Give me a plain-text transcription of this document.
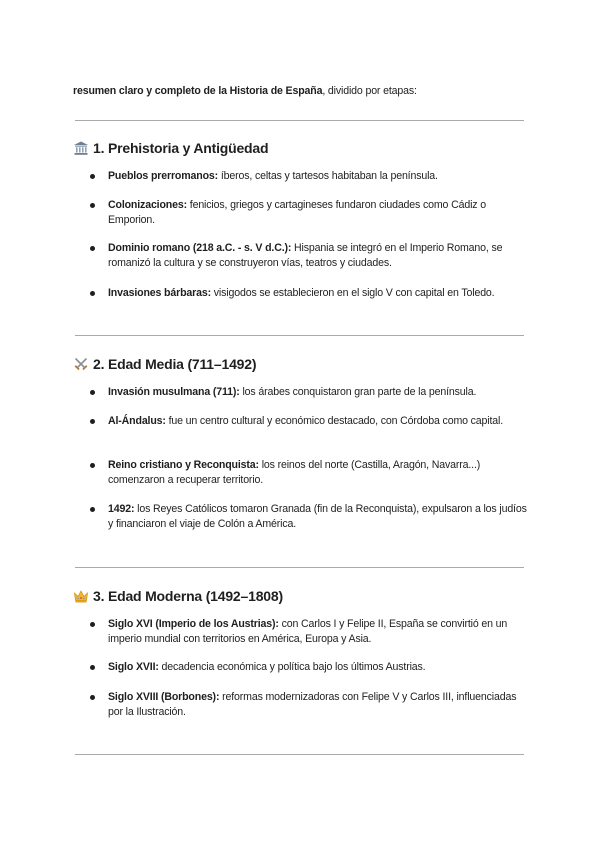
resumen claro y completo de la Historia de España, dividido por etapas:
1. Prehistoria y Antigüedad
Pueblos prerromanos: íberos, celtas y tartesos habitaban la península.
Colonizaciones: fenicios, griegos y cartagineses fundaron ciudades como Cádiz o Emporion.
Dominio romano (218 a.C. - s. V d.C.): Hispania se integró en el Imperio Romano, se romanizó la cultura y se construyeron vías, teatros y ciudades.
Invasiones bárbaras: visigodos se establecieron en el siglo V con capital en Toledo.
2. Edad Media (711–1492)
Invasión musulmana (711): los árabes conquistaron gran parte de la península.
Al-Ándalus: fue un centro cultural y económico destacado, con Córdoba como capital.
Reino cristiano y Reconquista: los reinos del norte (Castilla, Aragón, Navarra...) comenzaron a recuperar territorio.
1492: los Reyes Católicos tomaron Granada (fin de la Reconquista), expulsaron a los judíos y financiaron el viaje de Colón a América.
3. Edad Moderna (1492–1808)
Siglo XVI (Imperio de los Austrias): con Carlos I y Felipe II, España se convirtió en un imperio mundial con territorios en América, Europa y Asia.
Siglo XVII: decadencia económica y política bajo los últimos Austrias.
Siglo XVIII (Borbones): reformas modernizadoras con Felipe V y Carlos III, influenciadas por la Ilustración.
